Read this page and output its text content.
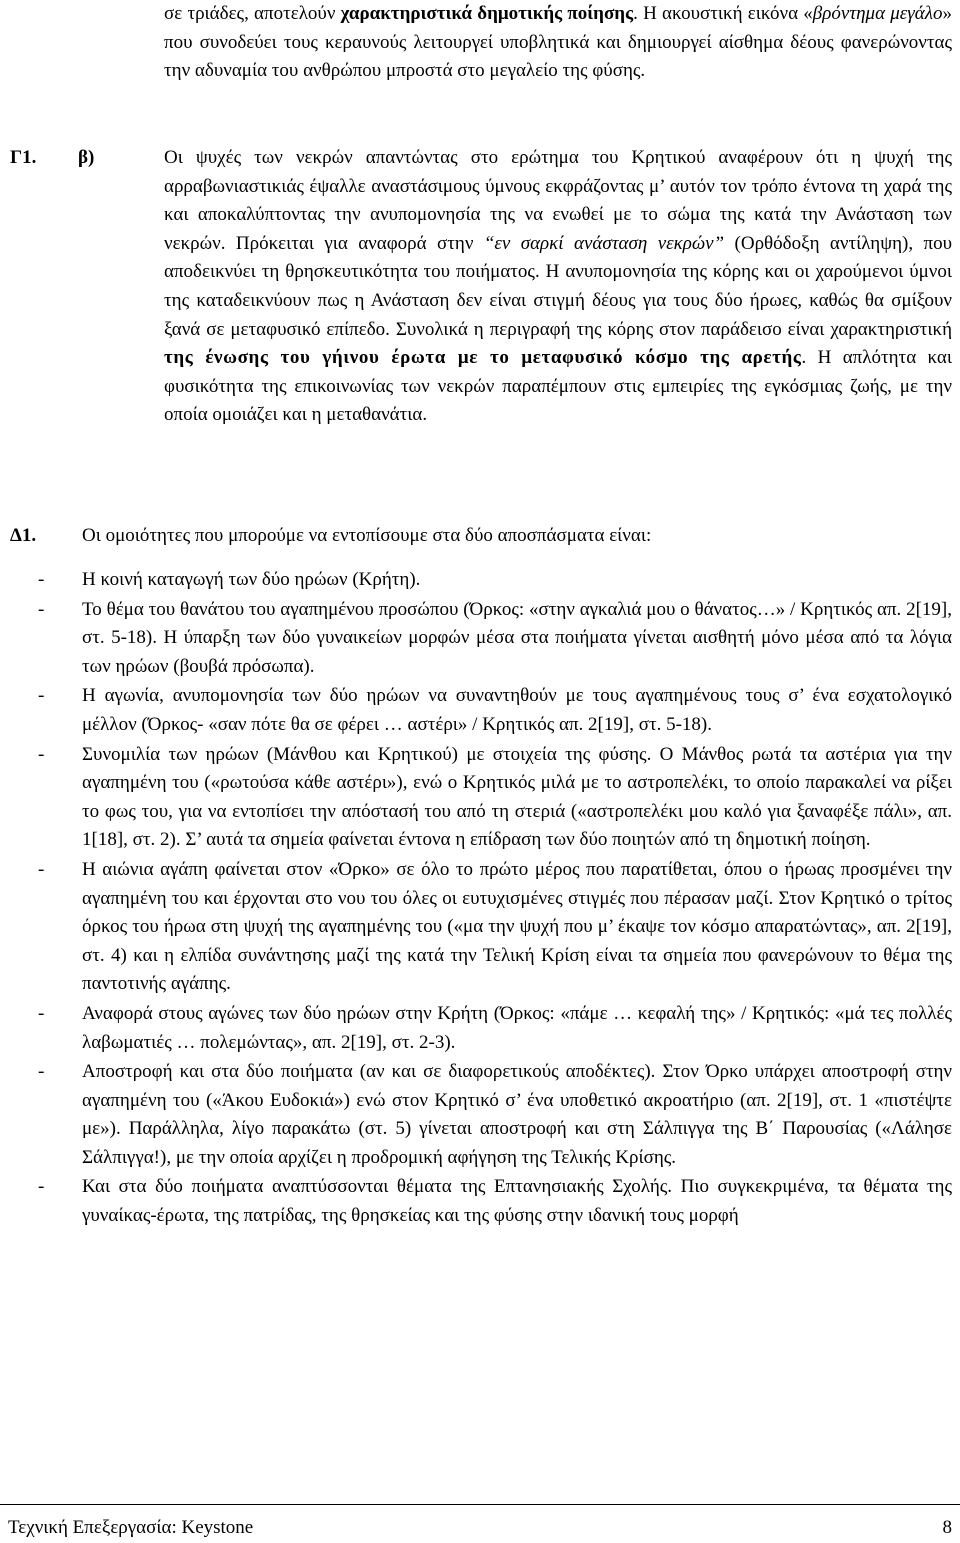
σε τριάδες, αποτελούν χαρακτηριστικά δημοτικής ποίησης. Η ακουστική εικόνα «βρόντημα μεγάλο» που συνοδεύει τους κεραυνούς λειτουργεί υποβλητικά και δημιουργεί αίσθημα δέους φανερώνοντας την αδυναμία του ανθρώπου μπροστά στο μεγαλείο της φύσης.

Γ1. β)	Οι ψυχές των νεκρών απαντώντας στο ερώτημα του Κρητικού αναφέρουν ότι η ψυχή της αρραβωνιαστικιάς έψαλλε αναστάσιμους ύμνους εκφράζοντας μ’ αυτόν τον τρόπο έντονα τη χαρά της και αποκαλύπτοντας την ανυπομονησία της να ενωθεί με το σώμα της κατά την Ανάσταση των νεκρών. Πρόκειται για αναφορά στην “εν σαρκί ανάσταση νεκρών” (Ορθόδοξη αντίληψη), που αποδεικνύει τη θρησκευτικότητα του ποιήματος. Η ανυπομονησία της κόρης και οι χαρούμενοι ύμνοι της καταδεικνύουν πως η Ανάσταση δεν είναι στιγμή δέους για τους δύο ήρωες, καθώς θα σμίξουν ξανά σε μεταφυσικό επίπεδο. Συνολικά η περιγραφή της κόρης στον παράδεισο είναι χαρακτηριστική της ένωσης του γήινου έρωτα με το μεταφυσικό κόσμο της αρετής. Η απλότητα και φυσικότητα της επικοινωνίας των νεκρών παραπέμπουν στις εμπειρίες της εγκόσμιας ζωής, με την οποία ομοιάζει και η μεταθανάτια.

Δ1. Οι ομοιότητες που μπορούμε να εντοπίσουμε στα δύο αποσπάσματα είναι:

- Η κοινή καταγωγή των δύο ηρώων (Κρήτη).
- Το θέμα του θανάτου του αγαπημένου προσώπου (Όρκος: «στην αγκαλιά μου ο θάνατος…» / Κρητικός απ. 2[19], στ. 5-18). Η ύπαρξη των δύο γυναικείων μορφών μέσα στα ποιήματα γίνεται αισθητή μόνο μέσα από τα λόγια των ηρώων (βουβά πρόσωπα).
- Η αγωνία, ανυπομονησία των δύο ηρώων να συναντηθούν με τους αγαπημένους τους σ’ ένα εσχατολογικό μέλλον (Όρκος- «σαν πότε θα σε φέρει … αστέρι» / Κρητικός απ. 2[19], στ. 5-18).
- Συνομιλία των ηρώων (Μάνθου και Κρητικού) με στοιχεία της φύσης. Ο Μάνθος ρωτά τα αστέρια για την αγαπημένη του («ρωτούσα κάθε αστέρι»), ενώ ο Κρητικός μιλά με το αστροπελέκι, το οποίο παρακαλεί να ρίξει το φως του, για να εντοπίσει την απόστασή του από τη στεριά («αστροπελέκι μου καλό για ξαναφέξε πάλι», απ. 1[18], στ. 2). Σ’ αυτά τα σημεία φαίνεται έντονα η επίδραση των δύο ποιητών από τη δημοτική ποίηση.
- Η αιώνια αγάπη φαίνεται στον «Όρκο» σε όλο το πρώτο μέρος που παρατίθεται, όπου ο ήρωας προσμένει την αγαπημένη του και έρχονται στο νου του όλες οι ευτυχισμένες στιγμές που πέρασαν μαζί. Στον Κρητικό ο τρίτος όρκος του ήρωα στη ψυχή της αγαπημένης του («μα την ψυχή που μ’ έκαψε τον κόσμο απαρατώντας», απ. 2[19], στ. 4) και η ελπίδα συνάντησης μαζί της κατά την Τελική Κρίση είναι τα σημεία που φανερώνουν το θέμα της παντοτινής αγάπης.
- Αναφορά στους αγώνες των δύο ηρώων στην Κρήτη (Όρκος: «πάμε … κεφαλή της» / Κρητικός: «μά τες πολλές λαβωματιές … πολεμώντας», απ. 2[19], στ. 2-3).
- Αποστροφή και στα δύο ποιήματα (αν και σε διαφορετικούς αποδέκτες). Στον Όρκο υπάρχει αποστροφή στην αγαπημένη του («Άκου Ευδοκιά») ενώ στον Κρητικό σ’ ένα υποθετικό ακροατήριο (απ. 2[19], στ. 1 «πιστέψτε με»). Παράλληλα, λίγο παρακάτω (στ. 5) γίνεται αποστροφή και στη Σάλπιγγα της Β΄ Παρουσίας («Λάλησε Σάλπιγγα!), με την οποία αρχίζει η προδρομική αφήγηση της Τελικής Κρίσης.
- Και στα δύο ποιήματα αναπτύσσονται θέματα της Επτανησιακής Σχολής. Πιο συγκεκριμένα, τα θέματα της γυναίκας-έρωτα, της πατρίδας, της θρησκείας και της φύσης στην ιδανική τους μορφή
Τεχνική Επεξεργασία: Keystone	8
